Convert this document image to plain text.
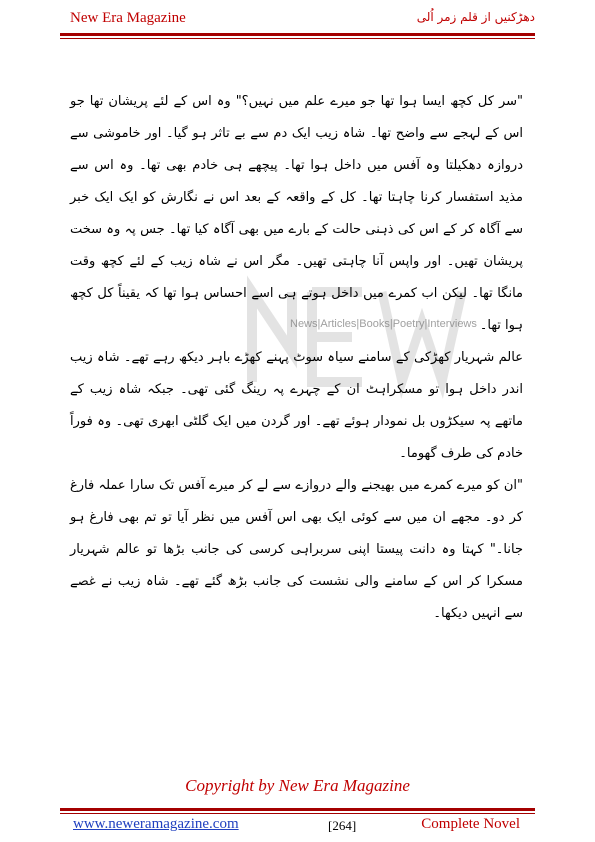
New Era Magazine	دھڑکنیں از قلم زمر اُلی
News|Articles|Books|Poetry|Interviews

"سر کل کچھ ایسا ہوا تھا جو میرے علم میں نہیں؟" وہ اس کے لئے پریشان تھا جو اس کے لہجے سے واضح تھا۔ شاہ زیب ایک دم سے بے تاثر ہو گیا۔ اور خاموشی سے دروازہ دھکیلتا وہ آفس میں داخل ہوا تھا۔ پیچھے ہی خادم بھی تھا۔ وہ اس سے مذید استفسار کرنا چاہتا تھا۔ کل کے واقعہ کے بعد اس نے نگارش کو ایک ایک خبر سے آگاہ کر کے اس کی ذہنی حالت کے بارے میں بھی آگاہ کیا تھا۔ جس پہ وہ سخت پریشان تھیں۔ اور واپس آنا چاہتی تھیں۔ مگر اس نے شاہ زیب کے لئے کچھ وقت مانگا تھا۔ لیکن اب کمرے میں داخل ہوتے ہی اسے احساس ہوا تھا کہ یقیناً کل کچھ ہوا تھا۔

عالم شہریار کھڑکی کے سامنے سیاہ سوٹ پہنے کھڑے باہر دیکھ رہے تھے۔ شاہ زیب اندر داخل ہوا تو مسکراہٹ ان کے چہرے پہ رینگ گئی تھی۔ جبکہ شاہ زیب کے ماتھے پہ سیکڑوں بل نمودار ہوئے تھے۔ اور گردن میں ایک گلٹی ابھری تھی۔ وہ فوراً خادم کی طرف گھوما۔

"ان کو میرے کمرے میں بھیجنے والے دروازے سے لے کر میرے آفس تک سارا عملہ فارغ کر دو۔ مجھے ان میں سے کوئی ایک بھی اس آفس میں نظر آیا تو تم بھی فارغ ہو جانا۔" کہتا وہ دانت پیستا اپنی سربراہی کرسی کی جانب بڑھا تو عالم شہریار مسکرا کر اس کے سامنے والی نشست کی جانب بڑھ گئے تھے۔ شاہ زیب نے غصے سے انہیں دیکھا۔

Copyright by New Era Magazine
www.neweramagazine.com	[264]	Complete Novel
